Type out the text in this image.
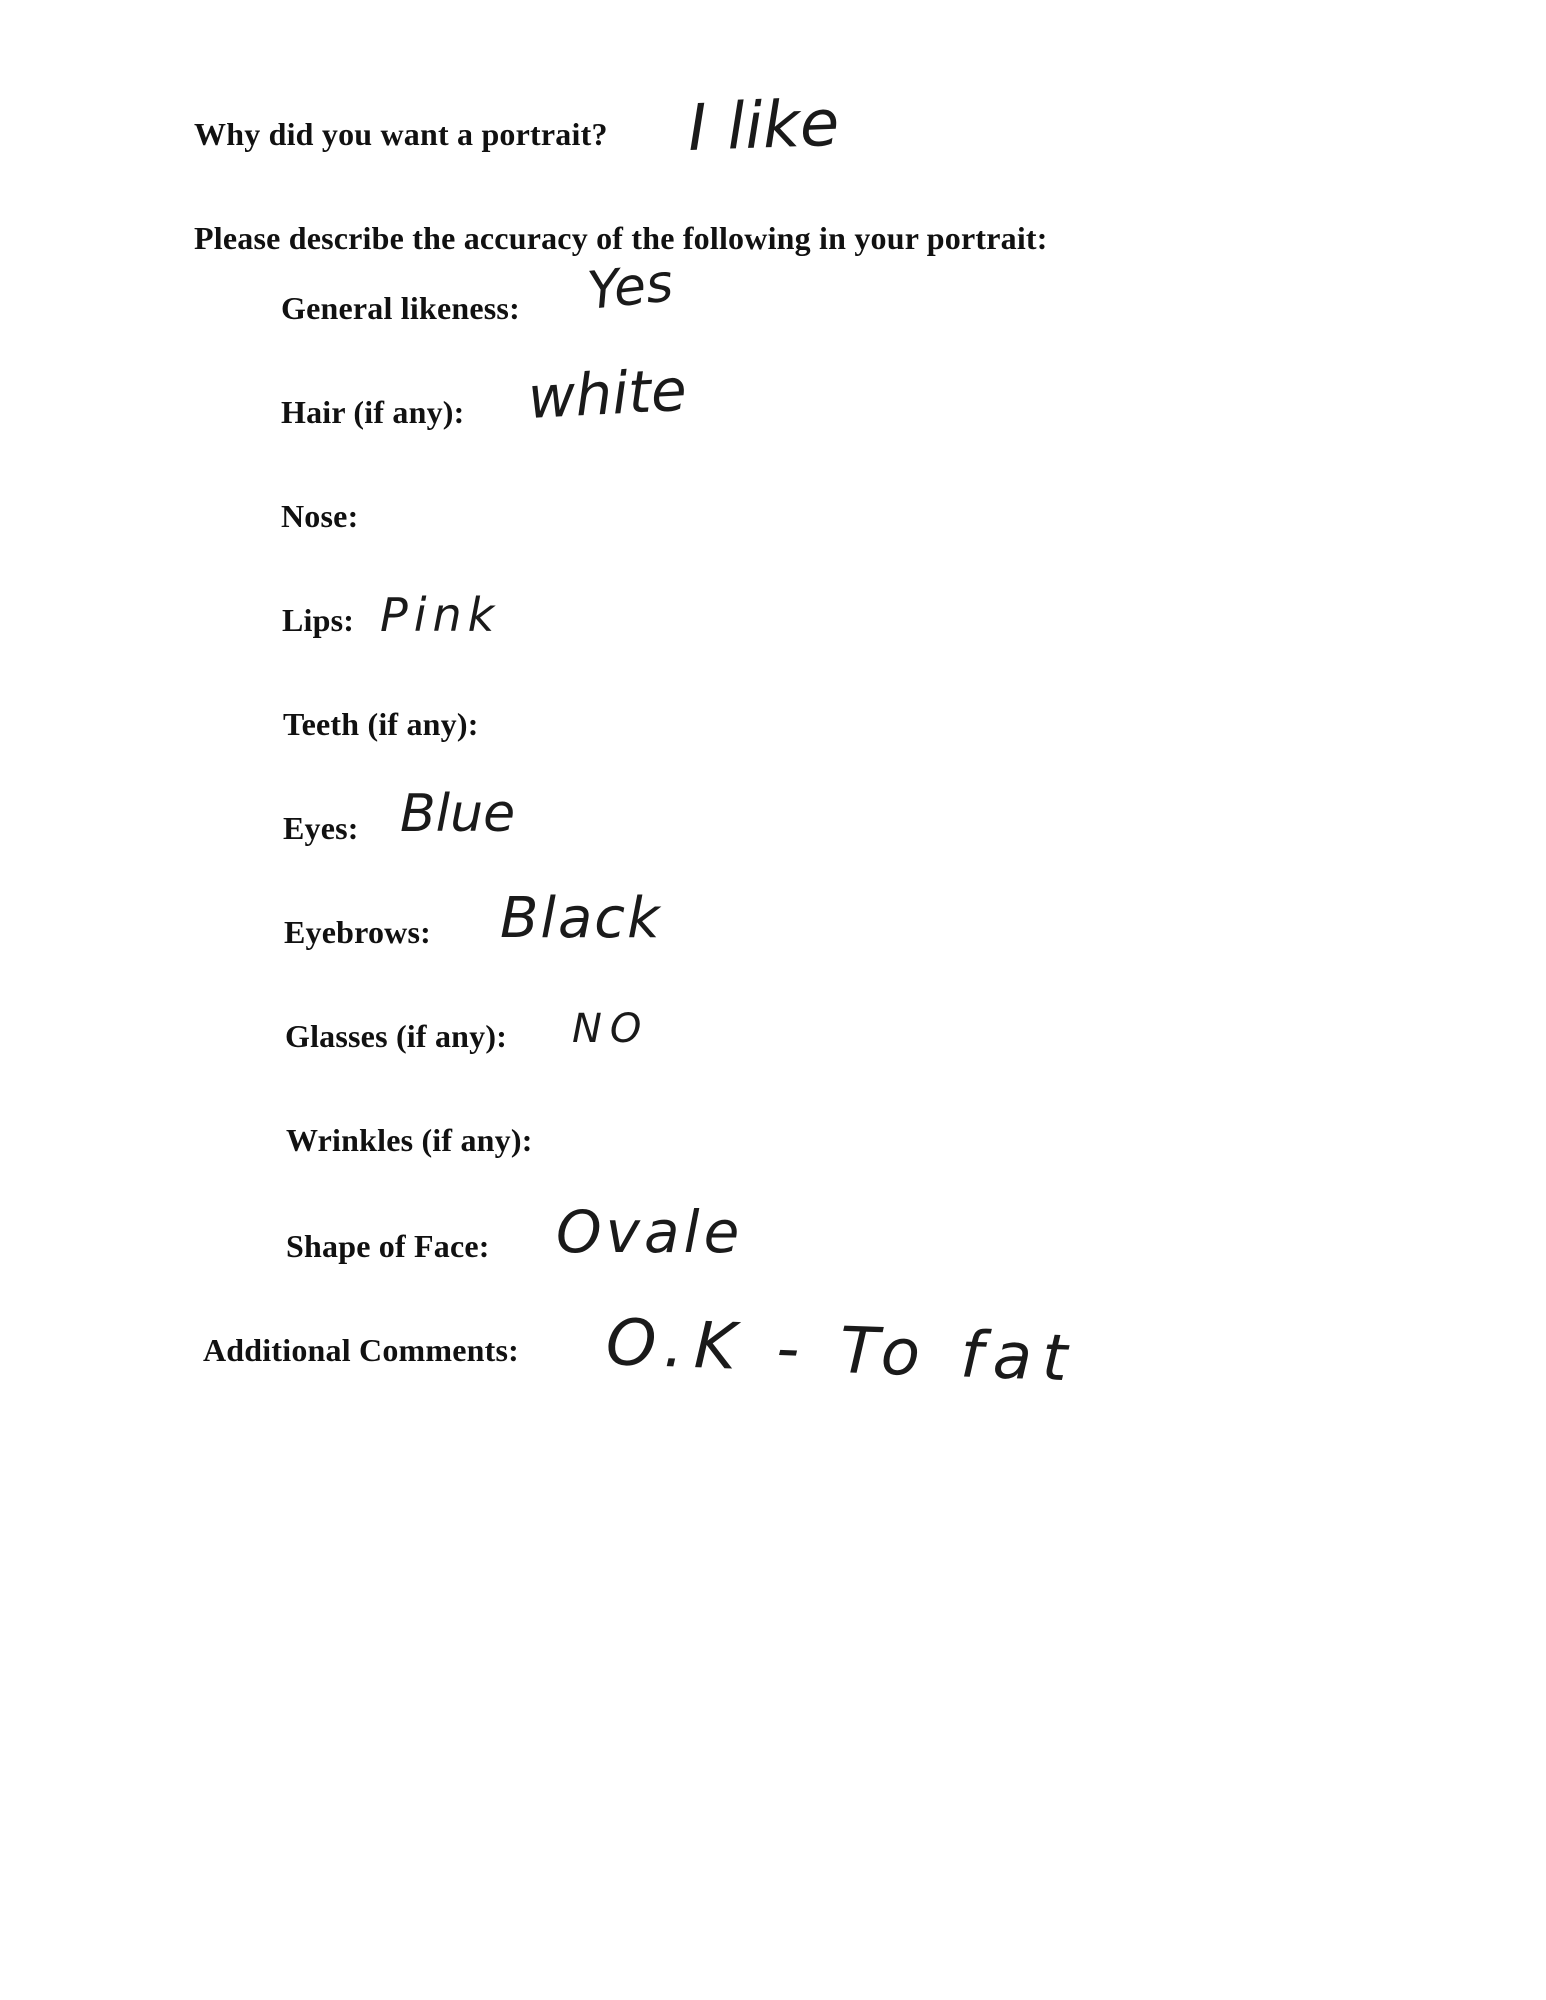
Why did you want a portrait? I like
Please describe the accuracy of the following in your portrait:
General likeness: Yes
Hair (if any): white
Nose:
Lips: Pink
Teeth (if any):
Eyes: Blue
Eyebrows: Black
Glasses (if any): NO
Wrinkles (if any):
Shape of Face: Ovale
Additional Comments: O.K - To fat
